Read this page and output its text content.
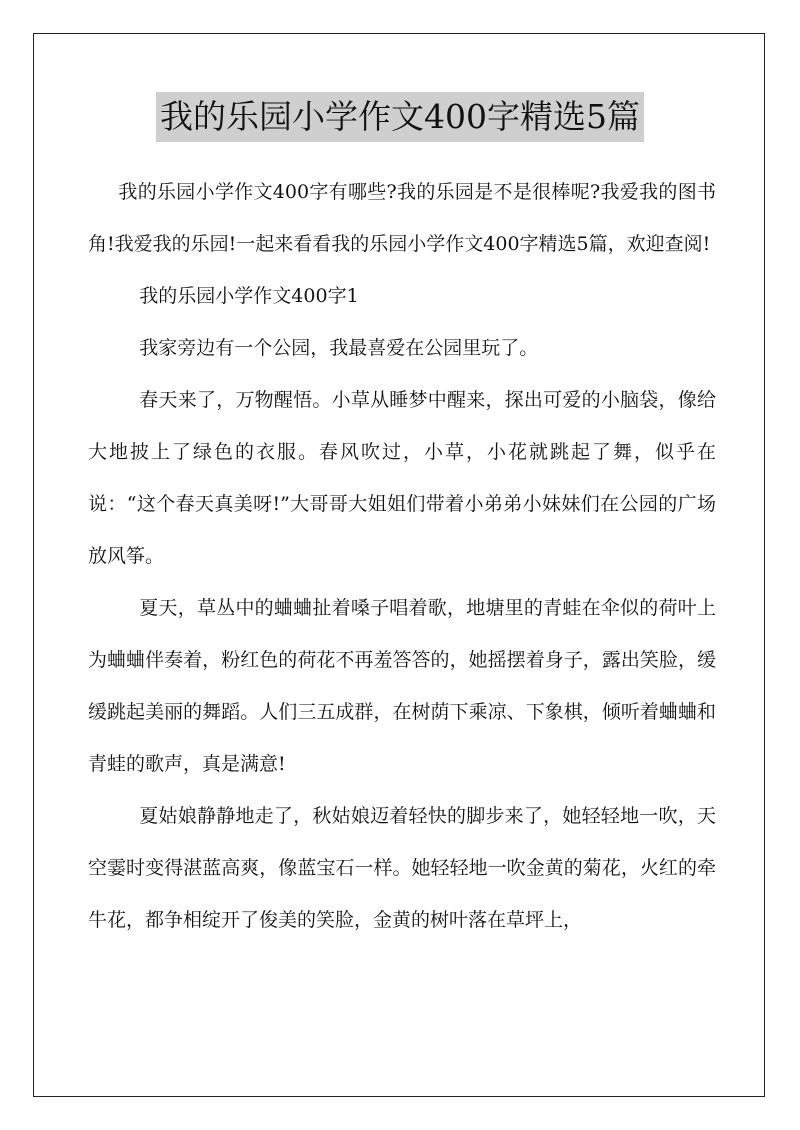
我的乐园小学作文400字精选5篇

我的乐园小学作文400字有哪些?我的乐园是不是很棒呢?我爱我的图书角!我爱我的乐园!一起来看看我的乐园小学作文400字精选5篇，欢迎查阅!

我的乐园小学作文400字1

我家旁边有一个公园，我最喜爱在公园里玩了。

春天来了，万物醒悟。小草从睡梦中醒来，探出可爱的小脑袋，像给大地披上了绿色的衣服。春风吹过，小草，小花就跳起了舞，似乎在说：“这个春天真美呀!”大哥哥大姐姐们带着小弟弟小妹妹们在公园的广场放风筝。

夏天，草丛中的蛐蛐扯着嗓子唱着歌，地塘里的青蛙在伞似的荷叶上为蛐蛐伴奏着，粉红色的荷花不再羞答答的，她摇摆着身子，露出笑脸，缓缓跳起美丽的舞蹈。人们三五成群，在树荫下乘凉、下象棋，倾听着蛐蛐和青蛙的歌声，真是满意!

夏姑娘静静地走了，秋姑娘迈着轻快的脚步来了，她轻轻地一吹，天空霎时变得湛蓝高爽，像蓝宝石一样。她轻轻地一吹金黄的菊花，火红的牵牛花，都争相绽开了俊美的笑脸，金黄的树叶落在草坪上，
